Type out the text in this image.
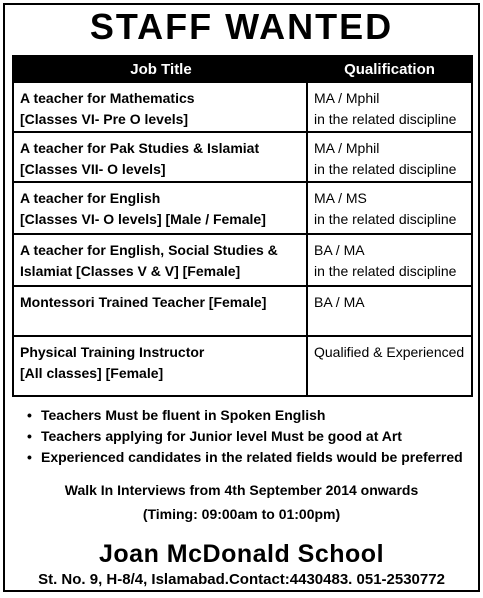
STAFF WANTED
Job Title	Qualification
A teacher for Mathematics
[Classes VI- Pre O levels]
MA / Mphil
in the related discipline
A teacher for Pak Studies & Islamiat
[Classes VII- O levels]
MA / Mphil
in the related discipline
A teacher for English
[Classes VI- O levels] [Male / Female]
MA / MS
in the related discipline
A teacher for English, Social Studies &
Islamiat [Classes V & V] [Female]
BA / MA
in the related discipline
Montessori Trained Teacher [Female]	BA / MA
Physical Training Instructor
[All classes] [Female]
Qualified & Experienced
• Teachers Must be fluent in Spoken English
• Teachers applying for Junior level Must be good at Art
• Experienced candidates in the related fields would be preferred
Walk In Interviews from 4th September 2014 onwards
(Timing: 09:00am to 01:00pm)
Joan McDonald School
St. No. 9, H-8/4, Islamabad.Contact:4430483. 051-2530772
